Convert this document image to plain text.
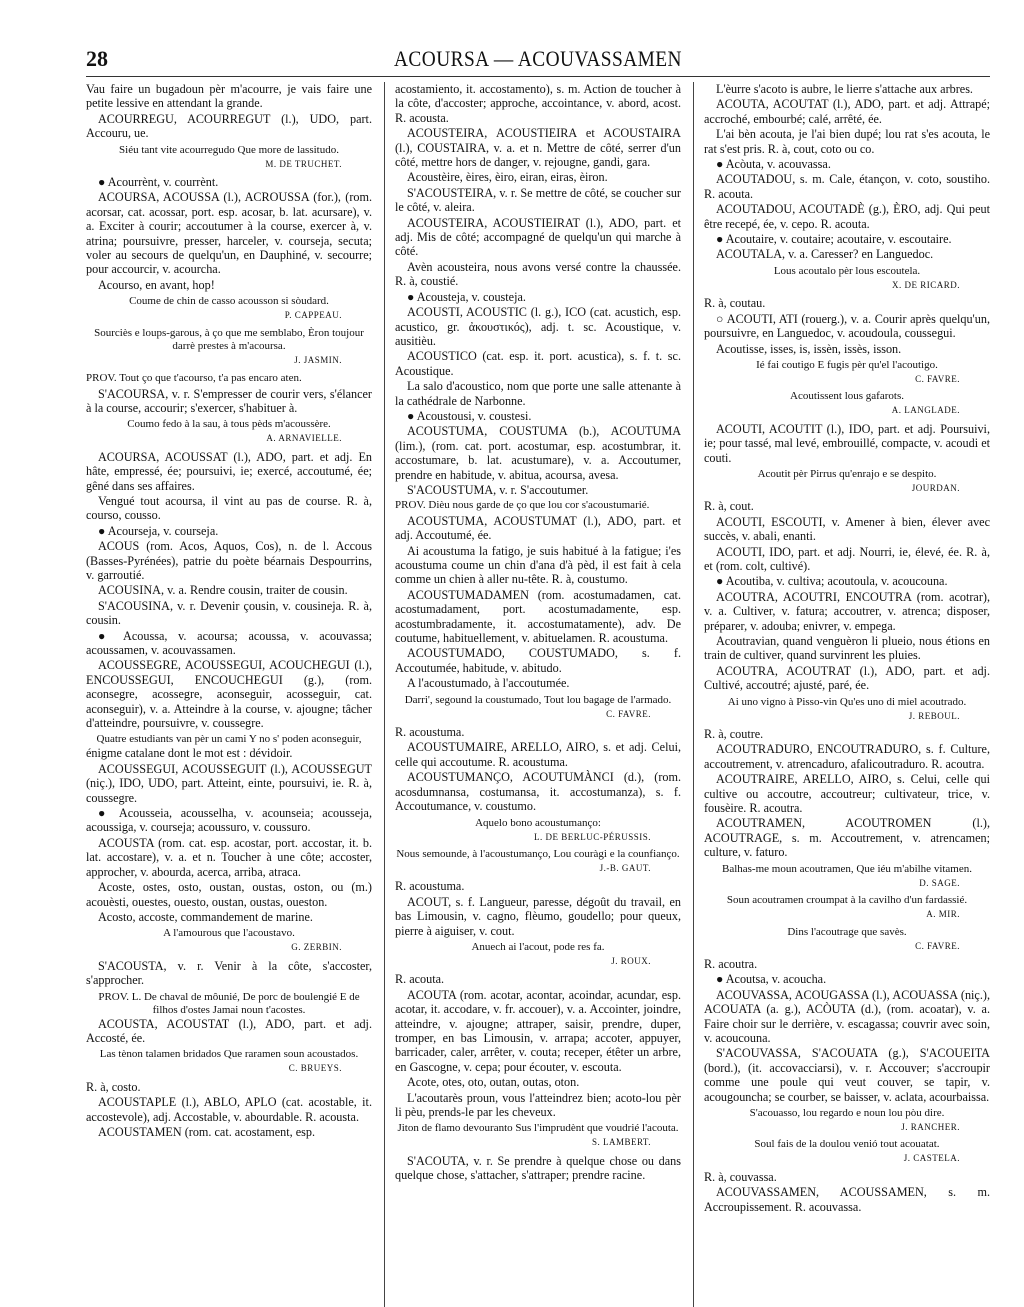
28	ACOURSA — ACOUVASSAMEN

Vau faire un bugadoun pèr m'acourre, je vais faire une petite lessive en attendant la grande.

ACOURREGU, ACOURREGUT (l.), UDO, part. Accouru, ue.

Siéu tant vite acourregudo Que more de lassitudo.

M. DE TRUCHET.

● Acourrènt, v. courrènt.

ACOURSA, ACOUSSA (l.), ACROUSSA (for.), (rom. acorsar, cat. acossar, port. esp. acosar, b. lat. acursare), v. a. Exciter à courir; accoutumer à la course, exercer à, v. atrina; poursuivre, presser, harceler, v. courseja, secuta; voler au secours de quelqu'un, en Dauphiné, v. secourre; pour accourcir, v. acourcha.

Acourso, en avant, hop!

Coume de chin de casso acousson si sòudard.

P. CAPPEAU.

Sourciès e loups-garous, à ço que me semblabo, Èron toujour darrè prestes à m'acoursa.

J. JASMIN.

PROV. Tout ço que t'acourso, t'a pas encaro aten.

S'ACOURSA, v. r. S'empresser de courir vers, s'élancer à la course, accourir; s'exercer, s'habituer à.

Coumo fedo à la sau, à tous pèds m'acoussère.

A. ARNAVIELLE.

ACOURSA, ACOUSSAT (l.), ADO, part. et adj. En hâte, empressé, ée; poursuivi, ie; exercé, accoutumé, ée; gêné dans ses affaires.

Vengué tout acoursa, il vint au pas de course. R. à, courso, cousso.

● Acourseja, v. courseja.

ACOUS (rom. Acos, Aquos, Cos), n. de l. Accous (Basses-Pyrénées), patrie du poète béarnais Despourrins, v. garroutié.

ACOUSINA, v. a. Rendre cousin, traiter de cousin.

S'ACOUSINA, v. r. Devenir çousin, v. cousineja. R. à, cousin.

● Acoussa, v. acoursa; acoussa, v. acouvassa; acoussamen, v. acouvassamen.

ACOUSSEGRE, ACOUSSEGUI, ACOUCHEGUI (l.), ENCOUSSEGUI, ENCOUCHEGUI (g.), (rom. aconsegre, acossegre, aconseguir, acosseguir, cat. aconseguir), v. a. Atteindre à la course, v. ajougne; tâcher d'atteindre, poursuivre, v. coussegre.

Quatre estudiants van pèr un cami Y no s' poden aconseguir,

énigme catalane dont le mot est : dévidoir.

ACOUSSEGUI, ACOUSSEGUIT (l.), ACOUSSEGUT (niç.), IDO, UDO, part. Atteint, einte, poursuivi, ie. R. à, coussegre.

● Acousseia, acousselha, v. acounseia; acousseja, acoussiga, v. courseja; acoussuro, v. coussuro.

ACOUSTA (rom. cat. esp. acostar, port. accostar, it. b. lat. accostare), v. a. et n. Toucher à une côte; accoster, approcher, v. abourda, acerca, arriba, atraca.

Acoste, ostes, osto, oustan, oustas, oston, ou (m.) acouèsti, ouestes, ouesto, oustan, oustas, oueston.

Acosto, accoste, commandement de marine.

A l'amourous que l'acoustavo.

G. ZERBIN.

S'ACOUSTA, v. r. Venir à la côte, s'accoster, s'approcher.

PROV. L. De chaval de môunié, De porc de boulengié E de filhos d'ostes Jamai noun t'acostes.

ACOUSTA, ACOUSTAT (l.), ADO, part. et adj. Accosté, ée.

Las tènon talamen bridados Que raramen soun acoustados.

C. BRUEYS.

R. à, costo.

ACOUSTAPLE (l.), ABLO, APLO (cat. acostable, it. accostevole), adj. Accostable, v. abourdable. R. acousta.

ACOUSTAMEN (rom. cat. acostament, esp.

acostamiento, it. accostamento), s. m. Action de toucher à la côte, d'accoster; approche, accointance, v. abord, acost. R. acousta.

ACOUSTEIRA, ACOUSTIEIRA et ACOUSTAIRA (l.), COUSTAIRA, v. a. et n. Mettre de côté, serrer d'un côté, mettre hors de danger, v. rejougne, gandi, gara.

Acoustèire, èires, èiro, eiran, eiras, èiron.

S'ACOUSTEIRA, v. r. Se mettre de côté, se coucher sur le côté, v. aleira.

ACOUSTEIRA, ACOUSTIEIRAT (l.), ADO, part. et adj. Mis de côté; accompagné de quelqu'un qui marche à côté.

Avèn acousteira, nous avons versé contre la chaussée. R. à, coustié.

● Acousteja, v. cousteja.

ACOUSTI, ACOUSTIC (l. g.), ICO (cat. acustich, esp. acustico, gr. ἀκουστικός), adj. t. sc. Acoustique, v. ausitièu.

ACOUSTICO (cat. esp. it. port. acustica), s. f. t. sc. Acoustique.

La salo d'acoustico, nom que porte une salle attenante à la cathédrale de Narbonne.

● Acoustousi, v. coustesi.

ACOUSTUMA, COUSTUMA (b.), ACOUTUMA (lim.), (rom. cat. port. acostumar, esp. acostumbrar, it. accostumare, b. lat. acustumare), v. a. Accoutumer, prendre en habitude, v. abitua, acoursa, avesa.

S'ACOUSTUMA, v. r. S'accoutumer.

PROV. Dièu nous garde de ço que lou cor s'acoustumarié.

ACOUSTUMA, ACOUSTUMAT (l.), ADO, part. et adj. Accoutumé, ée.

Ai acoustuma la fatigo, je suis habitué à la fatigue; i'es acoustuma coume un chin d'ana d'à pèd, il est fait à cela comme un chien à aller nu-tête. R. à, coustumo.

ACOUSTUMADAMEN (rom. acostumadamen, cat. acostumadament, port. acostumadamente, esp. acostumbradamente, it. accostumatamente), adv. De coutume, habituellement, v. abituelamen. R. acoustuma.

ACOUSTUMADO, COUSTUMADO, s. f. Accoutumée, habitude, v. abitudo.

A l'acoustumado, à l'accoutumée.

Darri', segound la coustumado, Tout lou bagage de l'armado.

C. FAVRE.

R. acoustuma.

ACOUSTUMAIRE, ARELLO, AIRO, s. et adj. Celui, celle qui accoutume. R. acoustuma.

ACOUSTUMANÇO, ACOUTUMÀNCI (d.), (rom. acosdumnansa, costumansa, it. accostumanza), s. f. Accoutumance, v. coustumo.

Aquelo bono acoustumanço:

L. DE BERLUC-PÉRUSSIS.

Nous semounde, à l'acoustumanço, Lou couràgi e la counfianço.

J.-B. GAUT.

R. acoustuma.

ACOUT, s. f. Langueur, paresse, dégoût du travail, en bas Limousin, v. cagno, flèumo, goudello; pour queux, pierre à aiguiser, v. cout.

Anuech ai l'acout, pode res fa.

J. ROUX.

R. acouta.

ACOUTA (rom. acotar, acontar, acoindar, acundar, esp. acotar, it. accodare, v. fr. accouer), v. a. Accointer, joindre, atteindre, v. ajougne; attraper, saisir, prendre, duper, tromper, en bas Limousin, v. arrapa; accoter, appuyer, barricader, caler, arrêter, v. couta; receper, étêter un arbre, en Gascogne, v. cepa; pour écouter, v. escouta.

Acote, otes, oto, outan, outas, oton.

L'acoutarès proun, vous l'atteindrez bien; acoto-lou pèr li pèu, prends-le par les cheveux.

Jiton de flamo devouranto Sus l'imprudènt que voudrié l'acouta.

S. LAMBERT.

S'ACOUTA, v. r. Se prendre à quelque chose ou dans quelque chose, s'attacher, s'attraper; prendre racine.

L'èurre s'acoto is aubre, le lierre s'attache aux arbres.

ACOUTA, ACOUTAT (l.), ADO, part. et adj. Attrapé; accroché, embourbé; calé, arrêté, ée.

L'ai bèn acouta, je l'ai bien dupé; lou rat s'es acouta, le rat s'est pris. R. à, cout, coto ou co.

● Acòuta, v. acouvassa.

ACOUTADOU, s. m. Cale, étançon, v. coto, soustiho. R. acouta.

ACOUTADOU, ACOUTADÈ (g.), ÈRO, adj. Qui peut être recepé, ée, v. cepo. R. acouta.

● Acoutaire, v. coutaire; acoutaire, v. escoutaire.

ACOUTALA, v. a. Caresser? en Languedoc.

Lous acoutalo pèr lous escoutela.

X. DE RICARD.

R. à, coutau.

○ ACOUTI, ATI (rouerg.), v. a. Courir après quelqu'un, poursuivre, en Languedoc, v. acoudoula, coussegui.

Acoutisse, isses, is, issèn, issès, isson.

Ié fai coutigo E fugis pèr qu'el l'acoutigo.

C. FAVRE.

Acoutissent lous gafarots.

A. LANGLADE.

ACOUTI, ACOUTIT (l.), IDO, part. et adj. Poursuivi, ie; pour tassé, mal levé, embrouillé, compacte, v. acoudi et couti.

Acoutit pèr Pirrus qu'enrajo e se despito.

JOURDAN.

R. à, cout.

ACOUTI, ESCOUTI, v. Amener à bien, élever avec succès, v. abali, enanti.

ACOUTI, IDO, part. et adj. Nourri, ie, élevé, ée. R. à, et (rom. colt, cultivé).

● Acoutiba, v. cultiva; acoutoula, v. acoucouna.

ACOUTRA, ACOUTRI, ENCOUTRA (rom. acotrar), v. a. Cultiver, v. fatura; accoutrer, v. atrenca; disposer, préparer, v. adouba; enivrer, v. empega.

Acoutravian, quand venguèron li plueio, nous étions en train de cultiver, quand survinrent les pluies.

ACOUTRA, ACOUTRAT (l.), ADO, part. et adj. Cultivé, accoutré; ajusté, paré, ée.

Ai uno vigno à Pisso-vin Qu'es uno di miel acoutrado.

J. REBOUL.

R. à, coutre.

ACOUTRADURO, ENCOUTRADURO, s. f. Culture, accoutrement, v. atrencaduro, afalicoutraduro. R. acoutra.

ACOUTRAIRE, ARELLO, AIRO, s. Celui, celle qui cultive ou accoutre, accoutreur; cultivateur, trice, v. fousèire. R. acoutra.

ACOUTRAMEN, ACOUTROMEN (l.), ACOUTRAGE, s. m. Accoutrement, v. atrencamen; culture, v. faturo.

Balhas-me moun acoutramen, Que iéu m'abilhe vitamen.

D. SAGE.

Soun acoutramen croumpat à la cavilho d'un fardassié.

A. MIR.

Dins l'acoutrage que savès.

C. FAVRE.

R. acoutra.

● Acoutsa, v. acoucha.

ACOUVASSA, ACOUGASSA (l.), ACOUASSA (niç.), ACOUATA (a. g.), ACÒUTA (d.), (rom. acoatar), v. a. Faire choir sur le derrière, v. escagassa; couvrir avec soin, v. acoucouna.

S'ACOUVASSA, S'ACOUATA (g.), S'ACOUEITA (bord.), (it. accovacciarsi), v. r. Accouver; s'accroupir comme une poule qui veut couver, se tapir, v. acougouncha; se courber, se baisser, v. aclata, acourbaissa.

S'acouasso, lou regardo e noun lou pòu dire.

J. RANCHER.

Soul fais de la doulou venió tout acouatat.

J. CASTELA.

R. à, couvassa.

ACOUVASSAMEN, ACOUSSAMEN, s. m. Accroupissement. R. acouvassa.
